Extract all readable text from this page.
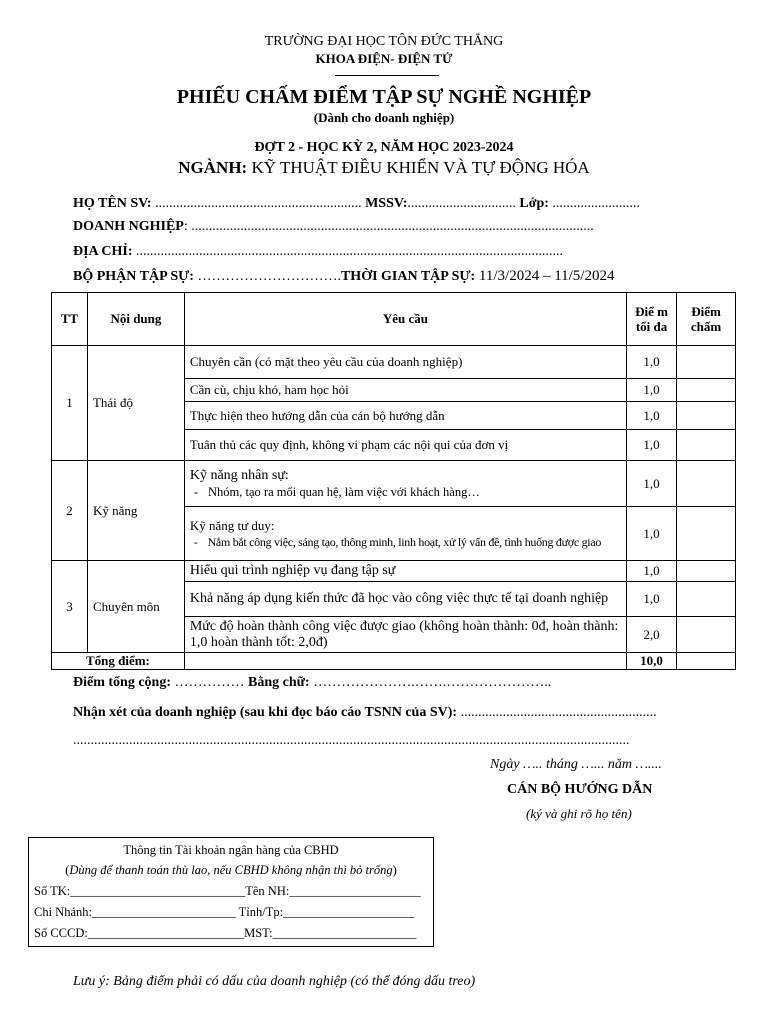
TRƯỜNG ĐẠI HỌC TÔN ĐỨC THẮNG
KHOA ĐIỆN- ĐIỆN TỬ
PHIẾU CHẤM ĐIỂM TẬP SỰ NGHỀ NGHIỆP
(Dành cho doanh nghiệp)
ĐỢT 2 - HỌC KỲ 2, NĂM HỌC 2023-2024
NGÀNH: KỸ THUẬT ĐIỀU KHIỂN VÀ TỰ ĐỘNG HÓA
HỌ TÊN SV: ........................................................... MSSV:............................... Lớp: .........................
DOANH NGHIỆP: ...................................................................................................................
ĐỊA CHỈ: ..........................................................................................................................
BỘ PHẬN TẬP SỰ: ………………………….THỜI GIAN TẬP SỰ: 11/3/2024 – 11/5/2024
TT	Nội dung	Yêu cầu	Điể m tối đa	Điểm chấm
1	Thái độ	Chuyên cần (có mặt theo yêu cầu của doanh nghiệp)	1,0	
		Cần cù, chịu khó, ham học hỏi	1,0	
		Thực hiện theo hướng dẫn của cán bộ hướng dẫn	1,0	
		Tuân thủ các quy định, không vi phạm các nội qui của đơn vị	1,0	
2	Kỹ năng	Kỹ năng nhân sự:
- Nhóm, tạo ra mối quan hệ, làm việc với khách hàng…	1,0	

		Kỹ năng tư duy:
- Nắm bắt công việc, sáng tạo, thông minh, linh hoạt, xử lý vấn đề, tình huống được giao	1,0	
3	Chuyên môn	Hiểu qui trình nghiệp vụ đang tập sự	1,0	
		Khả năng áp dụng kiến thức đã học vào công việc thực tế tại doanh nghiệp	1,0	
		Mức độ hoàn thành công việc được giao (không hoàn thành: 0đ, hoàn thành: 1,0 hoàn thành tốt: 2,0đ)	2,0	
Tổng điểm:			10,0	
Điểm tổng cộng: …………… Bằng chữ: ………………….…….…………………..
Nhận xét của doanh nghiệp (sau khi đọc báo cáo TSNN của SV): ........................................................
...............................................................................................................................................................
Ngày ….. tháng …... năm …....
CÁN BỘ HƯỚNG DẪN
(ký và ghi rõ họ tên)
Thông tin Tài khoản ngân hàng của CBHD
(Dùng để thanh toán thù lao, nếu CBHD không nhận thì bỏ trống)
Số TK:____________________________Tên NH:_____________________
Chi Nhánh:_______________________ Tỉnh/Tp:_____________________
Số CCCD:_________________________MST:_______________________
Lưu ý: Bảng điểm phải có dấu của doanh nghiệp (có thể đóng dấu treo)
